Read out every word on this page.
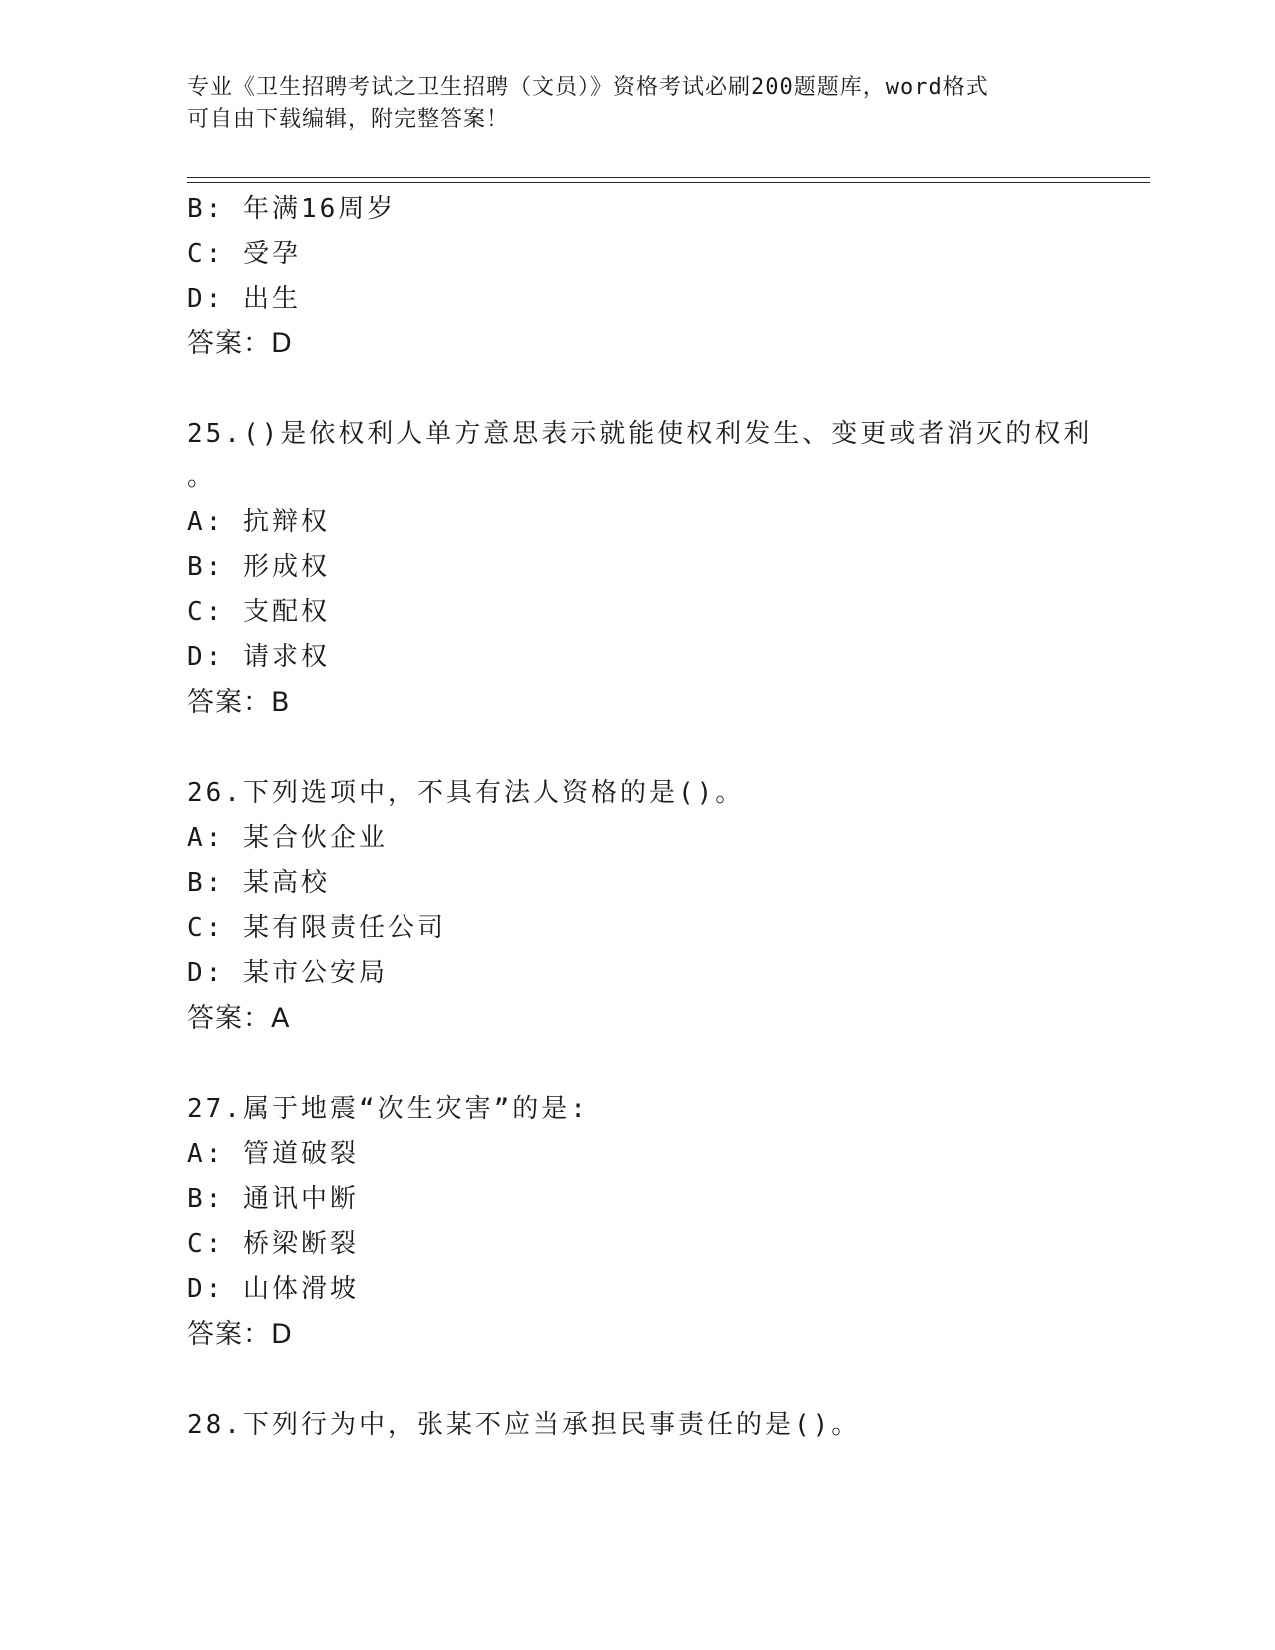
专业《卫生招聘考试之卫生招聘（文员）》资格考试必刷200题题库，word格式
可自由下载编辑，附完整答案！
B: 年满16周岁
C: 受孕
D: 出生
答案：D
25.()是依权利人单方意思表示就能使权利发生、变更或者消灭的权利
。
A: 抗辩权
B: 形成权
C: 支配权
D: 请求权
答案：B
26.下列选项中，不具有法人资格的是()。
A: 某合伙企业
B: 某高校
C: 某有限责任公司
D: 某市公安局
答案：A
27.属于地震“次生灾害”的是:
A: 管道破裂
B: 通讯中断
C: 桥梁断裂
D: 山体滑坡
答案：D
28.下列行为中，张某不应当承担民事责任的是()。
